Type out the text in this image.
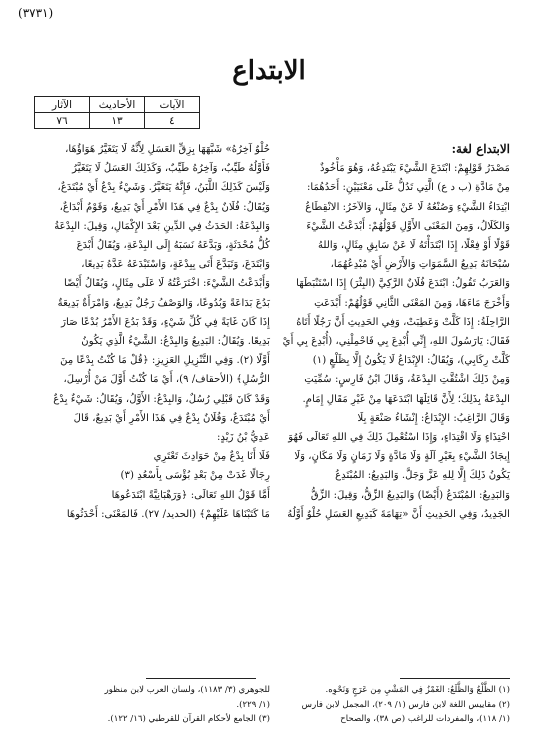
(٣٧٣١)
الابتداع
الآيات	الأحاديث	الآثار
٤	١٣	٧٦

الابتداع لغة:

مَصْدَرُ قَوْلِهِمْ: ابْتَدَعَ الشَّيْءَ يَبْتَدِعُهُ، وَهُوَ مَأْخُوذٌ

مِنْ مَادَّةِ (ب د ع) الَّتِي تَدُلُّ عَلَى مَعْنَيَيْنِ: أَحَدُهُمَا:

ابْتِدَاءُ الشَّيْءِ وَصُنْعُهُ لَا عَنْ مِثَالٍ، وَالآخَرُ: الانْقِطَاعُ

وَالكَلَالُ، وَمِنَ المَعْنَى الأَوَّلِ قَوْلُهُمْ: أَبْدَعْتُ الشَّيْءَ

قَوْلًا أَوْ فِعْلًا، إِذَا ابْتَدَأْتَهُ لَا عَنْ سَابِقِ مِثَالٍ، وَاللهُ

سُبْحَانَهُ بَدِيعُ السَّمَوَاتِ وَالأَرْضِ أَيْ مُبْدِعُهُمَا،

وَالعَرَبُ تَقُولُ: ابْتَدَعَ فُلَانٌ الرَّكِيَّ (البِئْرَ) إِذَا اسْتَنْبَطَهَا

وَأَخْرَجَ مَاءَهَا، وَمِنَ المَعْنَى الثَّانِي قَوْلُهُمْ: أَبْدَعَتِ

الرَّاحِلَةُ: إِذَا كَلَّتْ وَعَطِبَتْ، وَفِي الحَدِيثِ أَنَّ رَجُلًا أَتَاهُ

فَقَالَ: يَارَسُولَ اللهِ، إِنِّي أُبْدِعَ بِي فَاحْمِلْنِي، (أُبْدِعَ بِي أَيْ

كَلَّتْ رِكَابِي)، وَيُقَالُ: الإِبْدَاعُ لَا يَكُونُ إِلَّا بِظَلْعٍ (١)

وَمِنْ ذَلِكَ اشْتُقَّتِ البِدْعَةُ، وَقَالَ ابْنُ فَارِسٍ: سُمِّيَتِ

البِدْعَةُ بِذَلِكَ؛ لِأَنَّ قَائِلَهَا ابْتَدَعَهَا مِنْ غَيْرِ مَقَالِ إِمَامٍ.

وَقَالَ الرَّاغِبُ: الإِبْدَاعُ: إِنْشَاءُ صَنْعَةٍ بِلَا

احْتِذَاءٍ وَلَا اقْتِدَاءٍ، وَإِذَا اسْتُعْمِلَ ذَلِكَ فِي اللهِ تَعَالَى فَهُوَ

إِيجَادُ الشَّيْءِ بِغَيْرِ آلَةٍ وَلَا مَادَّةٍ وَلَا زَمَانٍ وَلَا مَكَانٍ، وَلَا

يَكُونُ ذَلِكَ إِلَّا لِلهِ عَزَّ وَجَلَّ. وَالبَدِيعُ: المُبْتَدِعُ

وَالبَدِيعُ: المُبْتَدَعُ (أَيْضًا) وَالبَدِيعُ الزِّقُّ، وَقِيلَ: الزِّقُّ

الجَدِيدُ، وَفِي الحَدِيثِ أَنَّ «تِهَامَةَ كَبَدِيعِ العَسَلِ حُلْوٌ أَوَّلُهُ

حُلْوٌ آخِرُهُ» شَبَّهَهَا بِزِقِّ العَسَلِ لِأَنَّهُ لَا يَتَغَيَّرُ هَوَاؤُهَا،

فَأَوَّلُهُ طَيِّبٌ، وَآخِرُهُ طَيِّبٌ، وَكَذَلِكَ العَسَلُ لَا يَتَغَيَّرُ

وَلَيْسَ كَذَلِكَ اللَّبَنُ، فَإِنَّهُ يَتَغَيَّرُ. وَشَيْءٌ بِدْعٌ أَيْ مُبْتَدَعٌ،

وَيُقَالُ: فُلَانٌ بِدْعٌ فِي هَذَا الأَمْرِ أَيْ بَدِيعٌ، وَقَوْمٌ أَبْدَاعٌ،

وَالبِدْعَةُ: الحَدَثُ فِي الدِّينِ بَعْدَ الإِكْمَالِ، وَقِيلَ: البِدْعَةُ

كُلُّ مُحْدَثَةٍ، وَبَدَّعَهُ نَسَبَهُ إِلَى البِدْعَةِ، وَيُقَالُ أَبْدَعَ

وَابْتَدَعَ، وَتَبَدَّعَ أَتَى بِبِدْعَةٍ، وَاسْتَبْدَعَهُ عَدَّهُ بَدِيعًا،

وَأَبْدَعْتُ الشَّيْءَ: اخْتَرَعْتُهُ لَا عَلَى مِثَالٍ، وَيُقَالُ أَيْضًا

بَدُعَ بَدَاعَةً وَبُدُوعًا، وَالوَصْفُ رَجُلٌ بَدِيعٌ، وَامْرَأَةٌ بَدِيعَةٌ

إِذَا كَانَ غَايَةً فِي كُلِّ شَيْءٍ، وَقَدْ بَدُعَ الأَمْرُ بُدْعًا صَارَ

بَدِيعًا. وَيُقَالُ: البَدِيعُ وَالبِدْعُ: الشَّيْءُ الَّذِي يَكُونُ

أَوَّلًا (٢). وَفِي التَّنْزِيلِ العَزِيزِ: ﴿قُلْ مَا كُنْتُ بِدْعًا مِنَ

الرُّسُلِ﴾ (الأحقاف/ ٩)، أَيْ مَا كُنْتُ أَوَّلَ مَنْ أُرْسِلَ،

وَقَدْ كَانَ قَبْلِي رُسُلٌ، وَالبِدْعُ: الأَوَّلُ، وَيُقَالُ: شَيْءٌ بِدْعٌ

أَيْ مُبْتَدَعٌ، وَفُلَانٌ بِدْعٌ فِي هَذَا الأَمْرِ أَيْ بَدِيعٌ، قَالَ

عَدِيُّ بْنُ زَيْدٍ:

فَلَا أَنَا بِدْعٌ مِنْ حَوَادِثَ تَعْتَرِي

رِجَالًا غَدَتْ مِنْ بَعْدِ بُؤْسَى بِأَسْعُدِ (٣)

أَمَّا قَوْلُ اللهِ تَعَالَى: ﴿وَرَهْبَانِيَّةً ابْتَدَعُوهَا

مَا كَتَبْنَاهَا عَلَيْهِمْ﴾ (الحديد/ ٢٧). فَالمَعْنَى: أَحْدَثُوهَا

(١) الظَّلْعُ وَالظَّلَعُ: الغَمْزُ فِي المَشْيِ مِن عَرَجٍ وَنَحْوِه.

(٢) مقاييس اللغة لابن فارس (١/ ٢٠٩)، المجمل لابن فارس

(١/ ١١٨)، والمفردات للراغب (ص ٣٨)، والصحاح

للجوهري (٣/ ١١٨٣)، ولسان العرب لابن منظور

(١/ ٢٢٩).

(٣) الجامع لأحكام القرآن للقرطبي (١٦/ ١٢٢).
